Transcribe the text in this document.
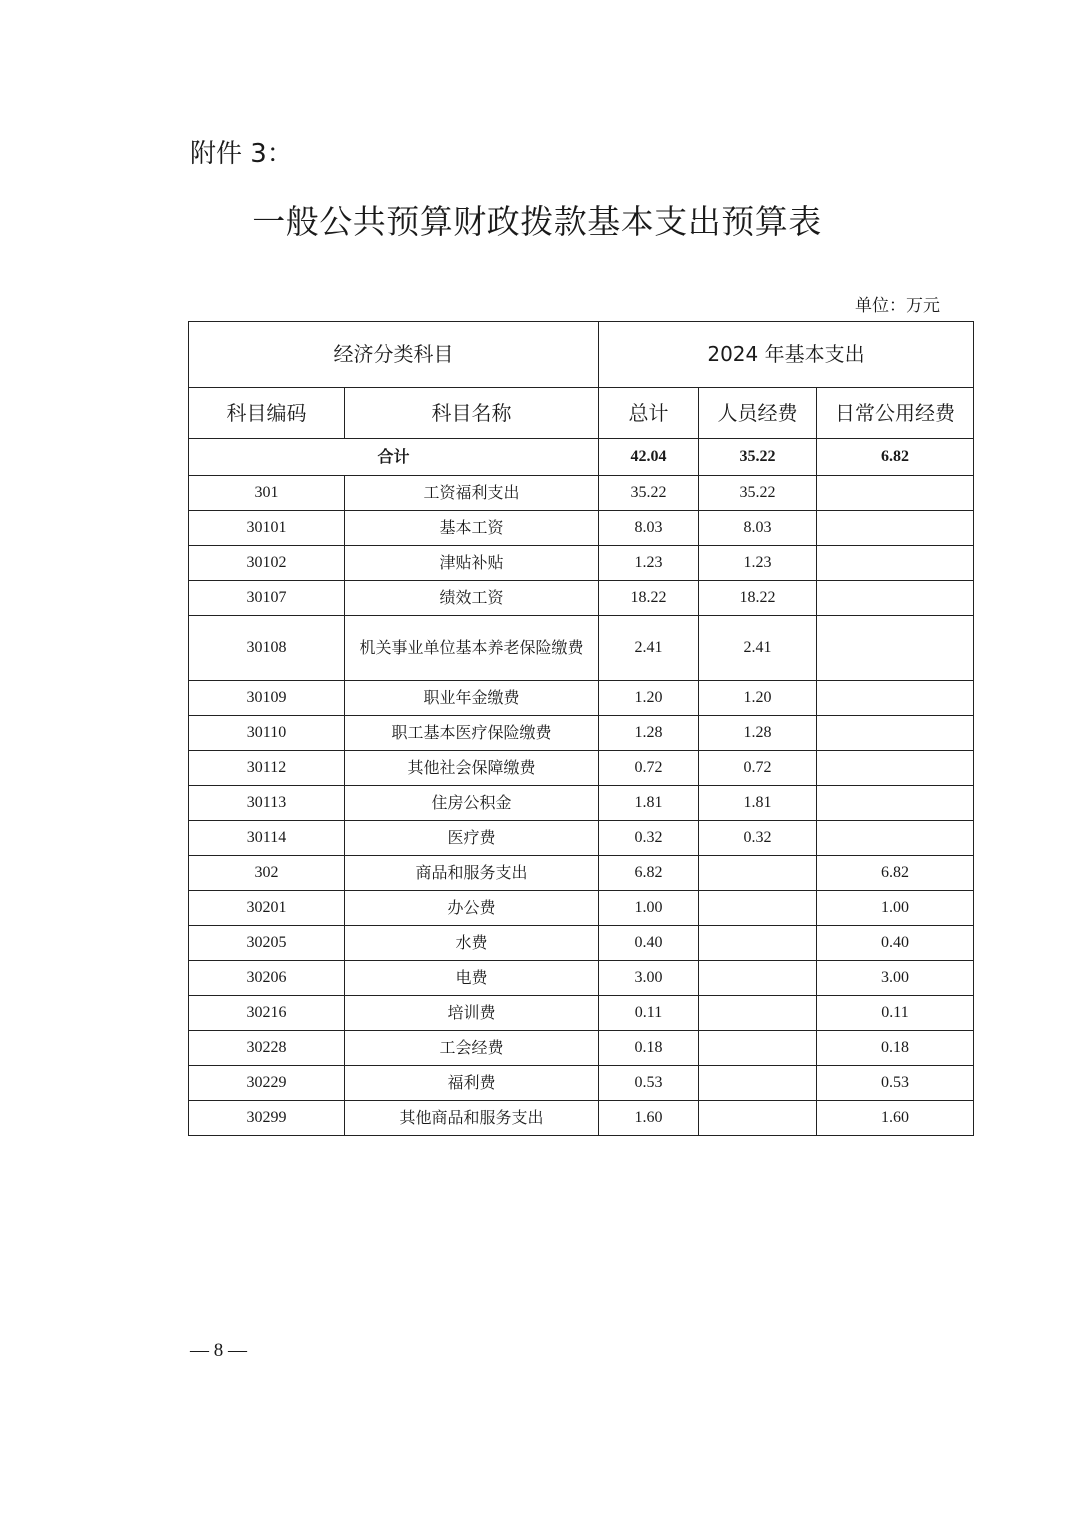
附件 3：
一般公共预算财政拨款基本支出预算表
单位：万元
经济分类科目		2024 年基本支出		
科目编码	科目名称	总计	人员经费	日常公用经费
合计		42.04	35.22	6.82
301	工资福利支出	35.22	35.22	
30101	基本工资	8.03	8.03	
30102	津贴补贴	1.23	1.23	
30107	绩效工资	18.22	18.22	
30108	机关事业单位基本养老保险缴费	2.41	2.41	
30109	职业年金缴费	1.20	1.20	
30110	职工基本医疗保险缴费	1.28	1.28	
30112	其他社会保障缴费	0.72	0.72	
30113	住房公积金	1.81	1.81	
30114	医疗费	0.32	0.32	
302	商品和服务支出	6.82		6.82
30201	办公费	1.00		1.00
30205	水费	0.40		0.40
30206	电费	3.00		3.00
30216	培训费	0.11		0.11
30228	工会经费	0.18		0.18
30229	福利费	0.53		0.53
30299	其他商品和服务支出	1.60		1.60
— 8 —
